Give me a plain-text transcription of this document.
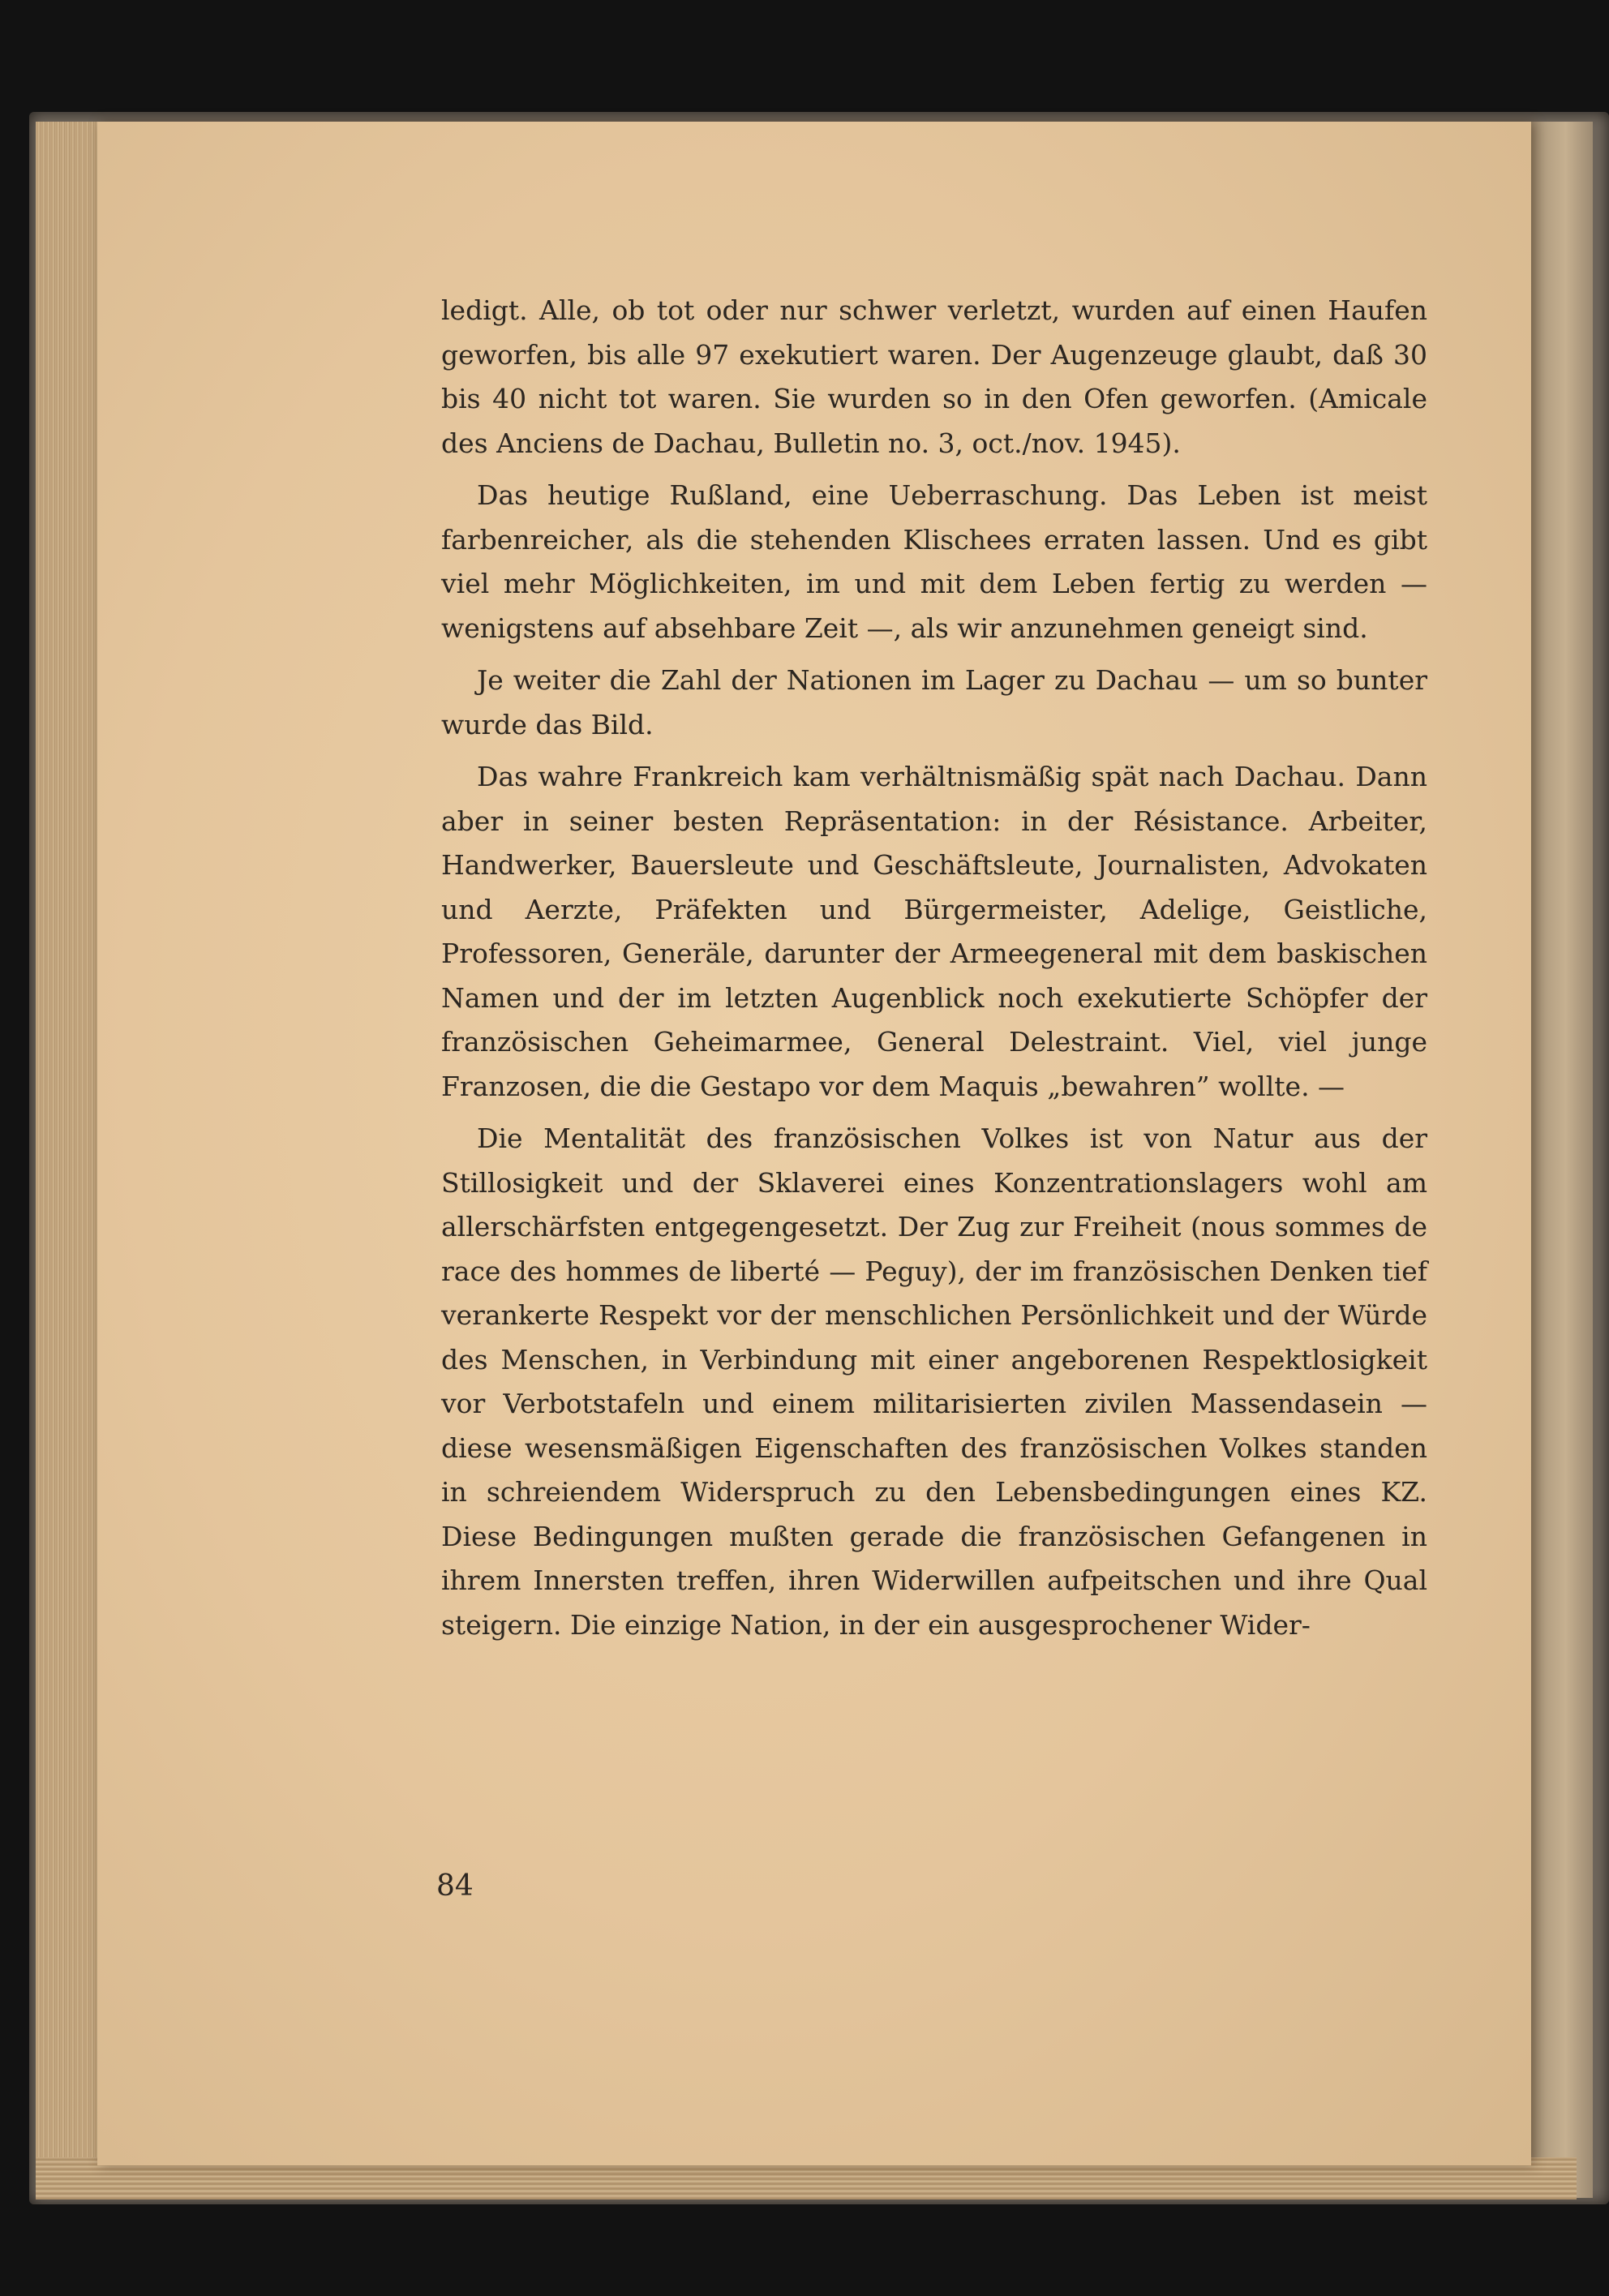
ledigt. Alle, ob tot oder nur schwer verletzt, wurden auf einen Haufen geworfen, bis alle 97 exekutiert waren. Der Augenzeuge glaubt, daß 30 bis 40 nicht tot waren. Sie wurden so in den Ofen geworfen. (Amicale des Anciens de Dachau, Bulletin no. 3, oct./nov. 1945).

Das heutige Rußland, eine Ueberraschung. Das Leben ist meist farbenreicher, als die stehenden Klischees erraten lassen. Und es gibt viel mehr Möglichkeiten, im und mit dem Leben fertig zu werden — wenigstens auf absehbare Zeit —, als wir anzunehmen geneigt sind.

Je weiter die Zahl der Nationen im Lager zu Dachau — um so bunter wurde das Bild.

Das wahre Frankreich kam verhältnismäßig spät nach Dachau. Dann aber in seiner besten Repräsentation: in der Résistance. Arbeiter, Handwerker, Bauersleute und Geschäftsleute, Journalisten, Advokaten und Aerzte, Präfekten und Bürgermeister, Adelige, Geistliche, Professoren, Generäle, darunter der Armeegeneral mit dem baskischen Namen und der im letzten Augenblick noch exekutierte Schöpfer der französischen Geheimarmee, General Delestraint. Viel, viel junge Franzosen, die die Gestapo vor dem Maquis „bewahren” wollte. —

Die Mentalität des französischen Volkes ist von Natur aus der Stillosigkeit und der Sklaverei eines Konzentrationslagers wohl am allerschärfsten entgegengesetzt. Der Zug zur Freiheit (nous sommes de race des hommes de liberté — Peguy), der im französischen Denken tief verankerte Respekt vor der menschlichen Persönlichkeit und der Würde des Menschen, in Verbindung mit einer angeborenen Respektlosigkeit vor Verbotstafeln und einem militarisierten zivilen Massendasein — diese wesensmäßigen Eigenschaften des französischen Volkes standen in schreiendem Widerspruch zu den Lebensbedingungen eines KZ. Diese Bedingungen mußten gerade die französischen Gefangenen in ihrem Innersten treffen, ihren Widerwillen aufpeitschen und ihre Qual steigern. Die einzige Nation, in der ein ausgesprochener Wider-

84
